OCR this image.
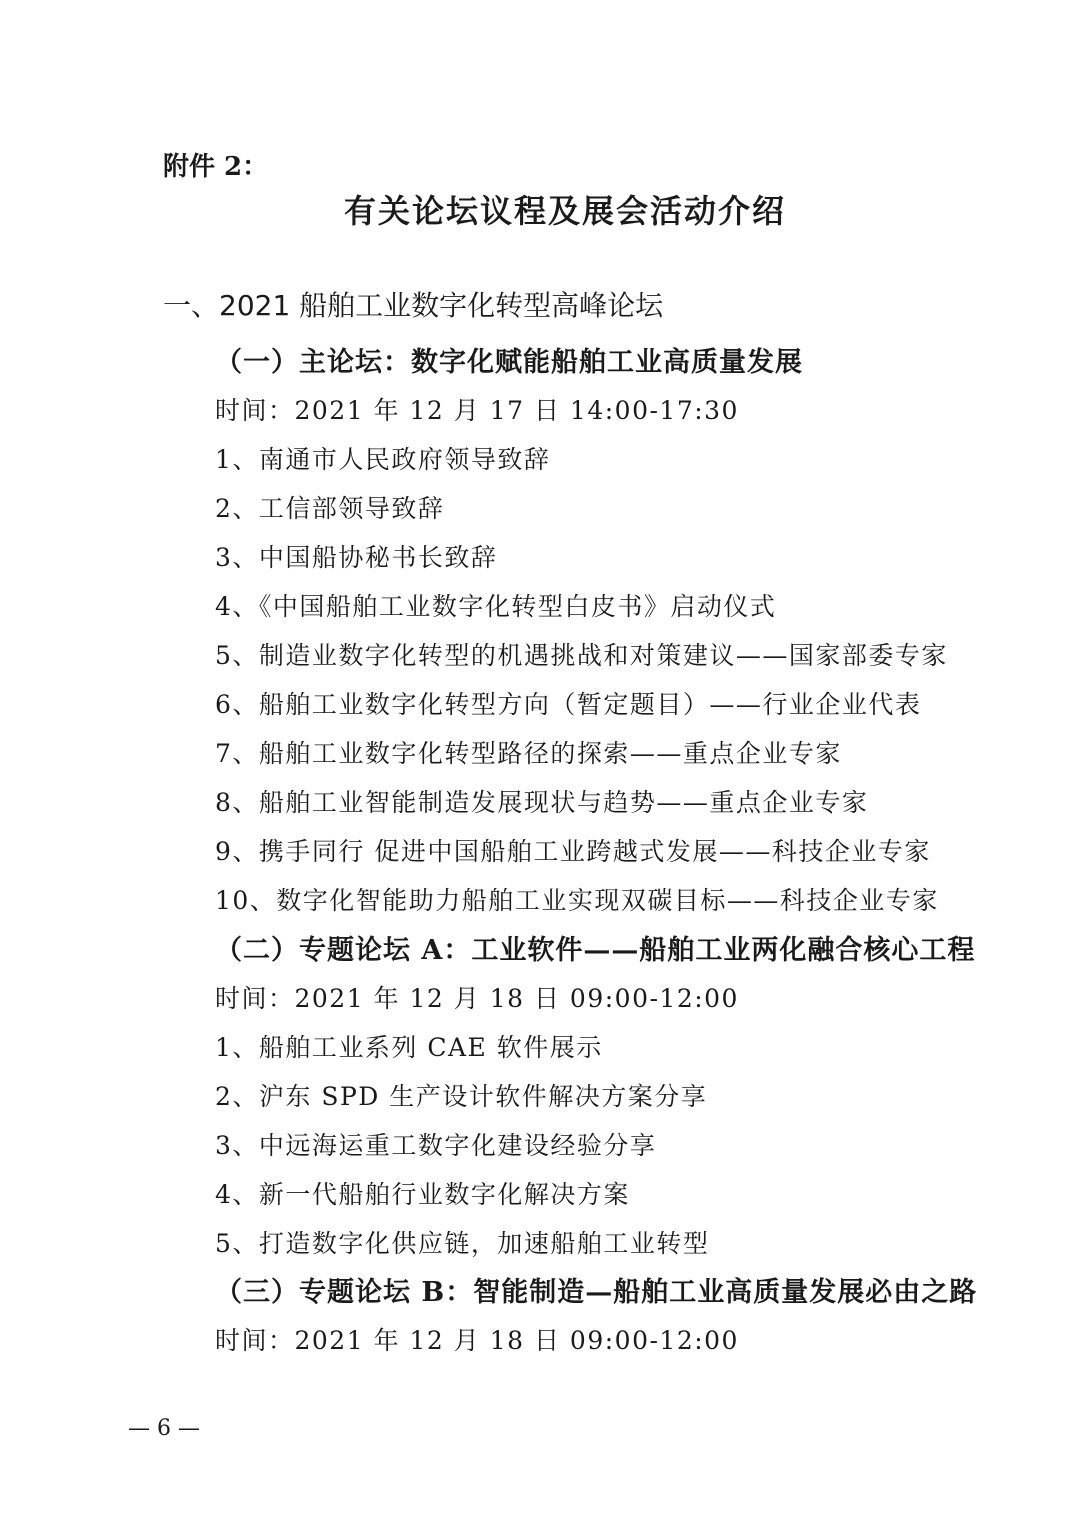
附件 2：
有关论坛议程及展会活动介绍
一、2021 船舶工业数字化转型高峰论坛
（一）主论坛：数字化赋能船舶工业高质量发展
时间：2021 年 12 月 17 日 14:00-17:30
1、南通市人民政府领导致辞
2、工信部领导致辞
3、中国船协秘书长致辞
4、《中国船舶工业数字化转型白皮书》启动仪式
5、制造业数字化转型的机遇挑战和对策建议——国家部委专家
6、船舶工业数字化转型方向（暂定题目）——行业企业代表
7、船舶工业数字化转型路径的探索——重点企业专家
8、船舶工业智能制造发展现状与趋势——重点企业专家
9、携手同行 促进中国船舶工业跨越式发展——科技企业专家
10、数字化智能助力船舶工业实现双碳目标——科技企业专家
（二）专题论坛 A：工业软件——船舶工业两化融合核心工程
时间：2021 年 12 月 18 日 09:00-12:00
1、船舶工业系列 CAE 软件展示
2、沪东 SPD 生产设计软件解决方案分享
3、中远海运重工数字化建设经验分享
4、新一代船舶行业数字化解决方案
5、打造数字化供应链，加速船舶工业转型
（三）专题论坛 B：智能制造—船舶工业高质量发展必由之路
时间：2021 年 12 月 18 日 09:00-12:00
— 6 —
